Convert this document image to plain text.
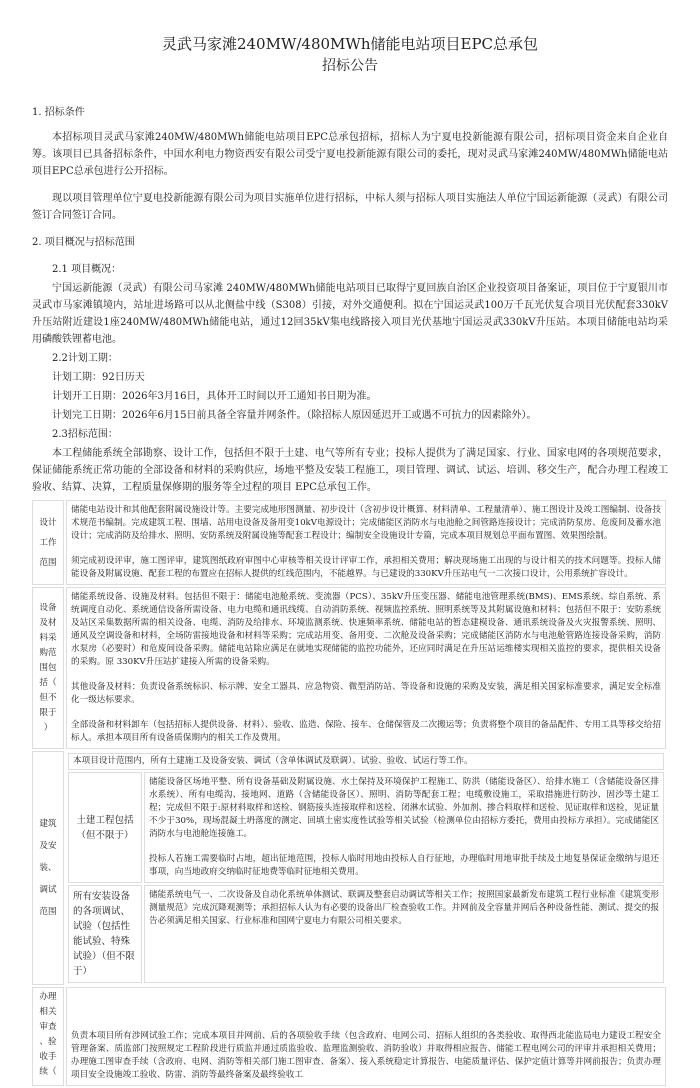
灵武马家滩240MW/480MWh储能电站项目EPC总承包
招标公告
1. 招标条件
本招标项目灵武马家滩240MW/480MWh储能电站项目EPC总承包招标，招标人为宁夏电投新能源有限公司，招标项目资金来自企业自筹。该项目已具备招标条件，中国水利电力物资西安有限公司受宁夏电投新能源有限公司的委托，现对灵武马家滩240MW/480MWh储能电站项目EPC总承包进行公开招标。
现以项目管理单位宁夏电投新能源有限公司为项目实施单位进行招标，中标人须与招标人项目实施法人单位宁国运新能源（灵武）有限公司签订合同签订合同。
2. 项目概况与招标范围
2.1 项目概况：
宁国运新能源（灵武）有限公司马家滩 240MW/480MWh储能电站项目已取得宁夏回族自治区企业投资项目备案证，项目位于宁夏银川市灵武市马家滩镇境内，站址进场路可以从北侧盐中线（S308）引接，对外交通便利。拟在宁国运灵武100万千瓦光伏复合项目光伏配套330kV升压站附近建设1座240MW/480MWh储能电站，通过12回35kV集电线路接入项目光伏基地宁国运灵武330kV升压站。本项目储能电站均采用磷酸铁锂蓄电池。
2.2计划工期：
计划工期：92日历天
计划开工日期：2026年3月16日，具体开工时间以开工通知书日期为准。
计划完工日期：2026年6月15日前具备全容量并网条件。（除招标人原因延迟开工或遇不可抗力的因素除外）。
2.3招标范围：
本工程储能系统全部勘察、设计工作，包括但不限于土建、电气等所有专业；投标人提供为了满足国家、行业、国家电网的各项规范要求，保证储能系统正常功能的全部设备和材料的采购供应，场地平整及安装工程施工，项目管理、调试、试运、培训、移交生产，配合办理工程竣工验收、结算、决算，工程质量保修期的服务等全过程的项目 EPC总承包工作。
设计
工作
范围

储能电站设计和其他配套附属设施设计等。主要完成地形图测量、初步设计（含初步设计概算、材料清单、工程量清单）、施工图设计及竣工图编制、设备技术规范书编制。完成建筑工程、围墙、站用电设备及备用变10kV电源设计；完成储能区消防水与电池舱之间管路连接设计；完成消防泵房、危废间及蓄水池设计；完成消防及给排水、照明、安防系统及附属设施等配套工程设计；编制安全设施设计专篇，完成本项目规划总平面布置图、效果图绘制。
须完成初设评审，施工图评审，建筑图纸政府审图中心审核等相关设计评审工作，承担相关费用；解决现场施工出现的与设计相关的技术问题等。投标人储能设备及附属设施、配套工程的布置应在招标人提供的红线范围内，不能越界。与已建设的330KV升压站电气一二次接口设计，公用系统扩容设计。

设备
及材
料采
购范
围包
括（
但不
限于
）

储能系统设备、设施及材料。包括但不限于：储能电池舱系统、变流器（PCS）、35kV升压变压器、储能电池管理系统(BMS)、EMS系统、综自系统、系统调度自动化、系统通信设备所需设备、电力电缆和通讯线缆、自动消防系统、视频监控系统、照明系统等及其附属设施和材料；包括但不限于：安防系统及站区采集数据所需的相关设备、电缆、消防及给排水、环境监测系统、快速频率系统、储能电站的暂态建模设备、通讯系统设备及火灾报警系统、照明、通风及空调设备和材料，全场防雷接地设备和材料等采购；完成站用变、备用变、二次舱及设备采购；完成储能区消防水与电池舱管路连接设备采购，消防水泵房（必要时）和危废间设备采购。储能电站除应满足在就地实现储能的监控功能外，还应同时满足在升压站运维楼实现相关监控的要求，提供相关设备的采购。原 330KV升压站扩建接入所需的设备采购。
其他设备及材料：负责设备系统标识、标示牌、安全工器具、应急物资、微型消防站、等设备和设施的采购及安装，满足相关国家标准要求，满足安全标准化一级达标要求。
全部设备和材料卸车（包括招标人提供设备、材料）、验收、监造、保险、接车、仓储保管及二次搬运等；负责将整个项目的备品配件、专用工具等移交给招标人。承担本项目所有设备质保期内的相关工作及费用。

建筑
及安
装、
调试
范围

本项目设计范围内，所有土建施工及设备安装、调试（含单体调试及联调）、试验、验收、试运行等工作。
土建工程包括（但不限于）	
储能设备区场地平整、所有设备基础及附属设施、水土保持及环境保护工程施工、防洪（储能设备区）、给排水施工（含储能设备区排水系统）、所有电缆沟、接地网、道路（含储能设备区）、照明、消防等配套工程；电缆敷设施工，采取措施进行防沙、固沙等土建工程；完成但不限于:原材料取样和送检、钢筋接头连接取样和送检、闭淋水试验、外加剂、掺合料取样和送检、见证取样和送检，见证量不少于30%，现场混凝土坍落度的测定、回填土密实度性试验等相关试验（检测单位由招标方委托，费用由投标方承担）。完成储能区消防水与电池舱连接施工。
投标人若施工需要临时占地，超出征地范围，投标人临时用地由投标人自行征地，办理临时用地审批手续及土地复垦保证金缴纳与退还事项，向当地政府交纳临时征地费等临时征地相关费用。

所有安装设备的各项调试、试验（包括性能试验、特殊试验）（但不限于）	
储能系统电气一、二次设备及自动化系统单体测试、联调及整套启动调试等相关工作；按照国家最新发布建筑工程行业标准《建筑变形测量规范》完成沉降观测等；承担招标人认为有必要的设备出厂检查验收工作。并网前及全容量并网后各种设备性能、测试、提交的报告必须满足相关国家、行业标准和国网宁夏电力有限公司相关要求。

办理
相关
审查
、验
收手
续（

负责本项目所有涉网试验工作；完成本项目并网前、后的各项验收手续（包含政府、电网公司、招标人组织的各类验收、取得西北能监局电力建设工程安全管理备案、质监部门按照规定工程阶段进行质监并通过质监验收、监理监测验收、消防验收）并取得相应报告、储能工程电网公司的评审并承担相关费用；办理施工图审查手续（含政府、电网、消防等相关部门施工图审查、备案）、接入系统稳定计算报告、电能质量评估、保护定值计算等并网前报告；负责办理项目安全设施竣工验收、防雷、消防等最终备案及最终验收工
